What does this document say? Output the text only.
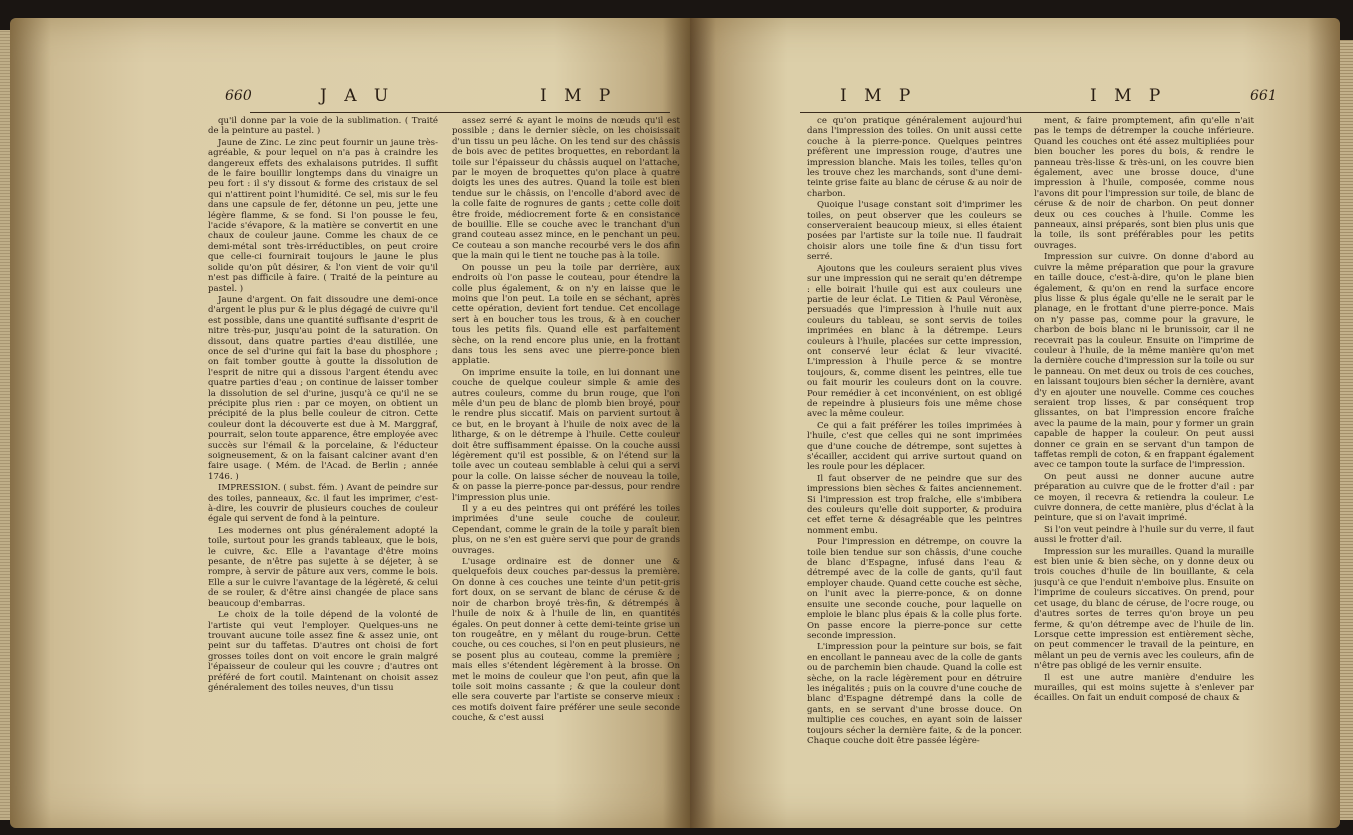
660	J A U	I M P

qu'il donne par la voie de la sublimation. ( Traité de la peinture au pastel. )

Jaune de Zinc. Le zinc peut fournir un jaune très-agréable, & pour lequel on n'a pas à craindre les dangereux effets des exhalaisons putrides. Il suffit de le faire bouillir longtemps dans du vinaigre un peu fort : il s'y dissout & forme des cristaux de sel qui n'attirent point l'humidité. Ce sel, mis sur le feu dans une capsule de fer, détonne un peu, jette une légère flamme, & se fond. Si l'on pousse le feu, l'acide s'évapore, & la matière se convertit en une chaux de couleur jaune. Comme les chaux de ce demi-métal sont très-irréductibles, on peut croire que celle-ci fournirait toujours le jaune le plus solide qu'on pût désirer, & l'on vient de voir qu'il n'est pas difficile à faire. ( Traité de la peinture au pastel. )

Jaune d'argent. On fait dissoudre une demi-once d'argent le plus pur & le plus dégagé de cuivre qu'il est possible, dans une quantité suffisante d'esprit de nitre très-pur, jusqu'au point de la saturation. On dissout, dans quatre parties d'eau distillée, une once de sel d'urine qui fait la base du phosphore ; on fait tomber goutte à goutte la dissolution de l'esprit de nitre qui a dissous l'argent étendu avec quatre parties d'eau ; on continue de laisser tomber la dissolution de sel d'urine, jusqu'à ce qu'il ne se précipite plus rien : par ce moyen, on obtient un précipité de la plus belle couleur de citron. Cette couleur dont la découverte est due à M. Marggraf, pourrait, selon toute apparence, être employée avec succès sur l'émail & la porcelaine, & l'éducteur soigneusement, & on la faisant calciner avant d'en faire usage. ( Mém. de l'Acad. de Berlin ; année 1746. )

IMPRESSION. ( subst. fém. ) Avant de peindre sur des toiles, panneaux, &c. il faut les imprimer, c'est-à-dire, les couvrir de plusieurs couches de couleur égale qui servent de fond à la peinture.

Les modernes ont plus généralement adopté la toile, surtout pour les grands tableaux, que le bois, le cuivre, &c. Elle a l'avantage d'être moins pesante, de n'être pas sujette à se déjeter, à se rompre, à servir de pâture aux vers, comme le bois. Elle a sur le cuivre l'avantage de la légèreté, & celui de se rouler, & d'être ainsi changée de place sans beaucoup d'embarras.

Le choix de la toile dépend de la volonté de l'artiste qui veut l'employer. Quelques-uns ne trouvant aucune toile assez fine & assez unie, ont peint sur du taffetas. D'autres ont choisi de fort grosses toiles dont on voit encore le grain malgré l'épaisseur de couleur qui les couvre ; d'autres ont préféré de fort coutil. Maintenant on choisit assez généralement des toiles neuves, d'un tissu

assez serré & ayant le moins de nœuds qu'il est possible ; dans le dernier siècle, on les choisissait d'un tissu un peu lâche. On les tend sur des châssis de bois avec de petites broquettes, en rebordant la toile sur l'épaisseur du châssis auquel on l'attache, par le moyen de broquettes qu'on place à quatre doigts les unes des autres. Quand la toile est bien tendue sur le châssis, on l'encolle d'abord avec de la colle faite de rognures de gants ; cette colle doit être froide, médiocrement forte & en consistance de bouillie. Elle se couche avec le tranchant d'un grand couteau assez mince, en le penchant un peu. Ce couteau a son manche recourbé vers le dos afin que la main qui le tient ne touche pas à la toile.

On pousse un peu la toile par derrière, aux endroits où l'on passe le couteau, pour étendre la colle plus également, & on n'y en laisse que le moins que l'on peut. La toile en se séchant, après cette opération, devient fort tendue. Cet encollage sert à en boucher tous les trous, & à en coucher tous les petits fils. Quand elle est parfaitement sèche, on la rend encore plus unie, en la frottant dans tous les sens avec une pierre-ponce bien applatie.

On imprime ensuite la toile, en lui donnant une couche de quelque couleur simple & amie des autres couleurs, comme du brun rouge, que l'on mêle d'un peu de blanc de plomb bien broyé, pour le rendre plus siccatif. Mais on parvient surtout à ce but, en le broyant à l'huile de noix avec de la litharge, & on le détrempe à l'huile. Cette couleur doit être suffisamment épaisse. On la couche aussi légèrement qu'il est possible, & on l'étend sur la toile avec un couteau semblable à celui qui a servi pour la colle. On laisse sécher de nouveau la toile, & on passe la pierre-ponce par-dessus, pour rendre l'impression plus unie.

Il y a eu des peintres qui ont préféré les toiles imprimées d'une seule couche de couleur. Cependant, comme le grain de la toile y paraît bien plus, on ne s'en est guère servi que pour de grands ouvrages.

L'usage ordinaire est de donner une & quelquefois deux couches par-dessus la première. On donne à ces couches une teinte d'un petit-gris fort doux, on se servant de blanc de céruse & de noir de charbon broyé très-fin, & détrempés à l'huile de noix & à l'huile de lin, en quantités égales. On peut donner à cette demi-teinte grise un ton rougeâtre, en y mêlant du rouge-brun. Cette couche, ou ces couches, si l'on en peut plusieurs, ne se posent plus au couteau, comme la première ; mais elles s'étendent légèrement à la brosse. On met le moins de couleur que l'on peut, afin que la toile soit moins cassante ; & que la couleur dont elle sera couverte par l'artiste se conserve mieux : ces motifs doivent faire préférer une seule seconde couche, & c'est aussi

I M P	I M P	661

ce qu'on pratique généralement aujourd'hui dans l'impression des toiles. On unit aussi cette couche à la pierre-ponce. Quelques peintres préfèrent une impression rouge, d'autres une impression blanche. Mais les toiles, telles qu'on les trouve chez les marchands, sont d'une demi-teinte grise faite au blanc de céruse & au noir de charbon.

Quoique l'usage constant soit d'imprimer les toiles, on peut observer que les couleurs se conserveraient beaucoup mieux, si elles étaient posées par l'artiste sur la toile nue. Il faudrait choisir alors une toile fine & d'un tissu fort serré.

Ajoutons que les couleurs seraient plus vives sur une impression qui ne serait qu'en détrempe : elle boirait l'huile qui est aux couleurs une partie de leur éclat. Le Titien & Paul Véronèse, persuadés que l'impression à l'huile nuit aux couleurs du tableau, se sont servis de toiles imprimées en blanc à la détrempe. Leurs couleurs à l'huile, placées sur cette impression, ont conservé leur éclat & leur vivacité. L'impression à l'huile perce & se montre toujours, &, comme disent les peintres, elle tue ou fait mourir les couleurs dont on la couvre. Pour remédier à cet inconvénient, on est obligé de repeindre à plusieurs fois une même chose avec la même couleur.

Ce qui a fait préférer les toiles imprimées à l'huile, c'est que celles qui ne sont imprimées que d'une couche de détrempe, sont sujettes à s'écailler, accident qui arrive surtout quand on les roule pour les déplacer.

Il faut observer de ne peindre que sur des impressions bien sèches & faites anciennement. Si l'impression est trop fraîche, elle s'imbibera des couleurs qu'elle doit supporter, & produira cet effet terne & désagréable que les peintres nomment embu.

Pour l'impression en détrempe, on couvre la toile bien tendue sur son châssis, d'une couche de blanc d'Espagne, infusé dans l'eau & détrempé avec de la colle de gants, qu'il faut employer chaude. Quand cette couche est sèche, on l'unit avec la pierre-ponce, & on donne ensuite une seconde couche, pour laquelle on emploie le blanc plus épais & la colle plus forte. On passe encore la pierre-ponce sur cette seconde impression.

L'impression pour la peinture sur bois, se fait en encollant le panneau avec de la colle de gants ou de parchemin bien chaude. Quand la colle est sèche, on la racle légèrement pour en détruire les inégalités ; puis on la couvre d'une couche de blanc d'Espagne détrempé dans la colle de gants, en se servant d'une brosse douce. On multiplie ces couches, en ayant soin de laisser toujours sécher la dernière faite, & de la poncer. Chaque couche doit être passée légère-

ment, & faire promptement, afin qu'elle n'ait pas le temps de détremper la couche inférieure. Quand les couches ont été assez multipliées pour bien boucher les pores du bois, & rendre le panneau très-lisse & très-uni, on les couvre bien également, avec une brosse douce, d'une impression à l'huile, composée, comme nous l'avons dit pour l'impression sur toile, de blanc de céruse & de noir de charbon. On peut donner deux ou ces couches à l'huile. Comme les panneaux, ainsi préparés, sont bien plus unis que la toile, ils sont préférables pour les petits ouvrages.

Impression sur cuivre. On donne d'abord au cuivre la même préparation que pour la gravure en taille douce, c'est-à-dire, qu'on le plane bien également, & qu'on en rend la surface encore plus lisse & plus égale qu'elle ne le serait par le planage, en le frottant d'une pierre-ponce. Mais on n'y passe pas, comme pour la gravure, le charbon de bois blanc ni le brunissoir, car il ne recevrait pas la couleur. Ensuite on l'imprime de couleur à l'huile, de la même manière qu'on met la dernière couche d'impression sur la toile ou sur le panneau. On met deux ou trois de ces couches, en laissant toujours bien sécher la dernière, avant d'y en ajouter une nouvelle. Comme ces couches seraient trop lisses, & par conséquent trop glissantes, on bat l'impression encore fraîche avec la paume de la main, pour y former un grain capable de happer la couleur. On peut aussi donner ce grain en se servant d'un tampon de taffetas rempli de coton, & en frappant également avec ce tampon toute la surface de l'impression.

On peut aussi ne donner aucune autre préparation au cuivre que de le frotter d'ail : par ce moyen, il recevra & retiendra la couleur. Le cuivre donnera, de cette manière, plus d'éclat à la peinture, que si on l'avait imprimé.

Si l'on veut peindre à l'huile sur du verre, il faut aussi le frotter d'ail.

Impression sur les murailles. Quand la muraille est bien unie & bien sèche, on y donne deux ou trois couches d'huile de lin bouillante, & cela jusqu'à ce que l'enduit n'emboive plus. Ensuite on l'imprime de couleurs siccatives. On prend, pour cet usage, du blanc de céruse, de l'ocre rouge, ou d'autres sortes de terres qu'on broye un peu ferme, & qu'on détrempe avec de l'huile de lin. Lorsque cette impression est entièrement sèche, on peut commencer le travail de la peinture, en mêlant un peu de vernis avec les couleurs, afin de n'être pas obligé de les vernir ensuite.

Il est une autre manière d'enduire les murailles, qui est moins sujette à s'enlever par écailles. On fait un enduit composé de chaux &
